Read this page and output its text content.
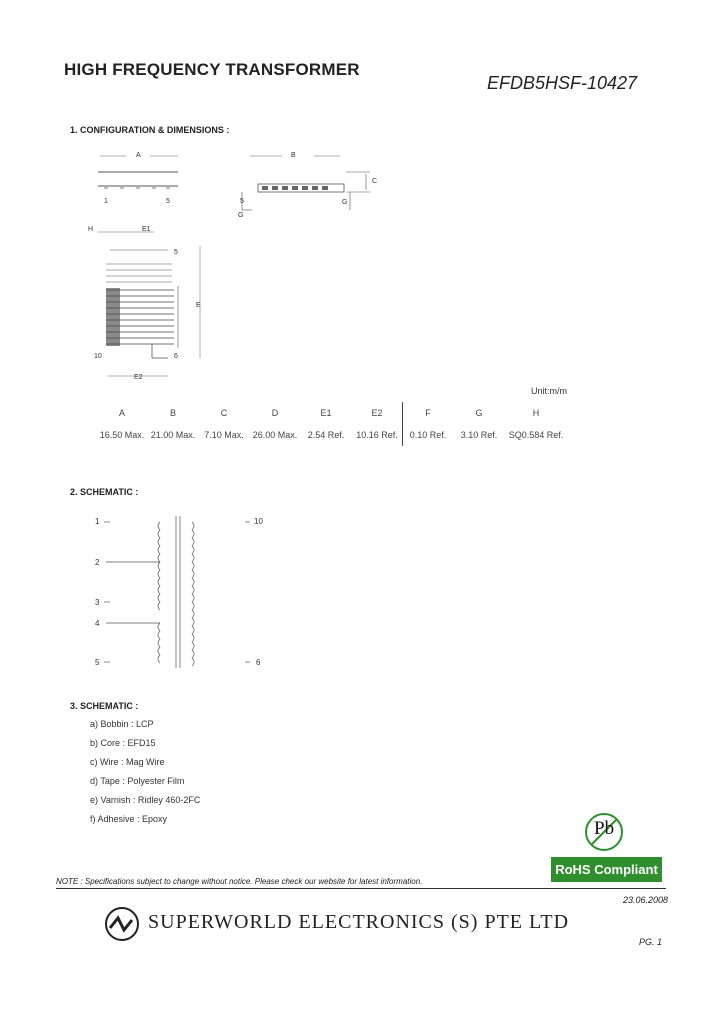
HIGH FREQUENCY TRANSFORMER
EFDB5HSF-10427
1. CONFIGURATION & DIMENSIONS :
A
1	5
B
C
5
G
G
H	E1
5
E
10	6
E2
Unit:m/m
A	B	C	D	E1	E2	F	G	H
16.50 Max.	21.00 Max.	7.10 Max.	26.00 Max.	2.54 Ref.	10.16 Ref.	0.10 Ref.	3.10 Ref.	SQ0.584 Ref.
2. SCHEMATIC :
1
2
3
4
5
10
6
3. SCHEMATIC :
a) Bobbin : LCP
b) Core : EFD15
c) Wire : Mag Wire
d) Tape : Polyester Film
e) Varnish : Ridley 460-2FC
f) Adhesive : Epoxy	Pb
RoHS Compliant
NOTE : Specifications subject to change without notice. Please check our website for latest information.
23.06.2008
SUPERWORLD ELECTRONICS (S) PTE LTD
PG. 1
